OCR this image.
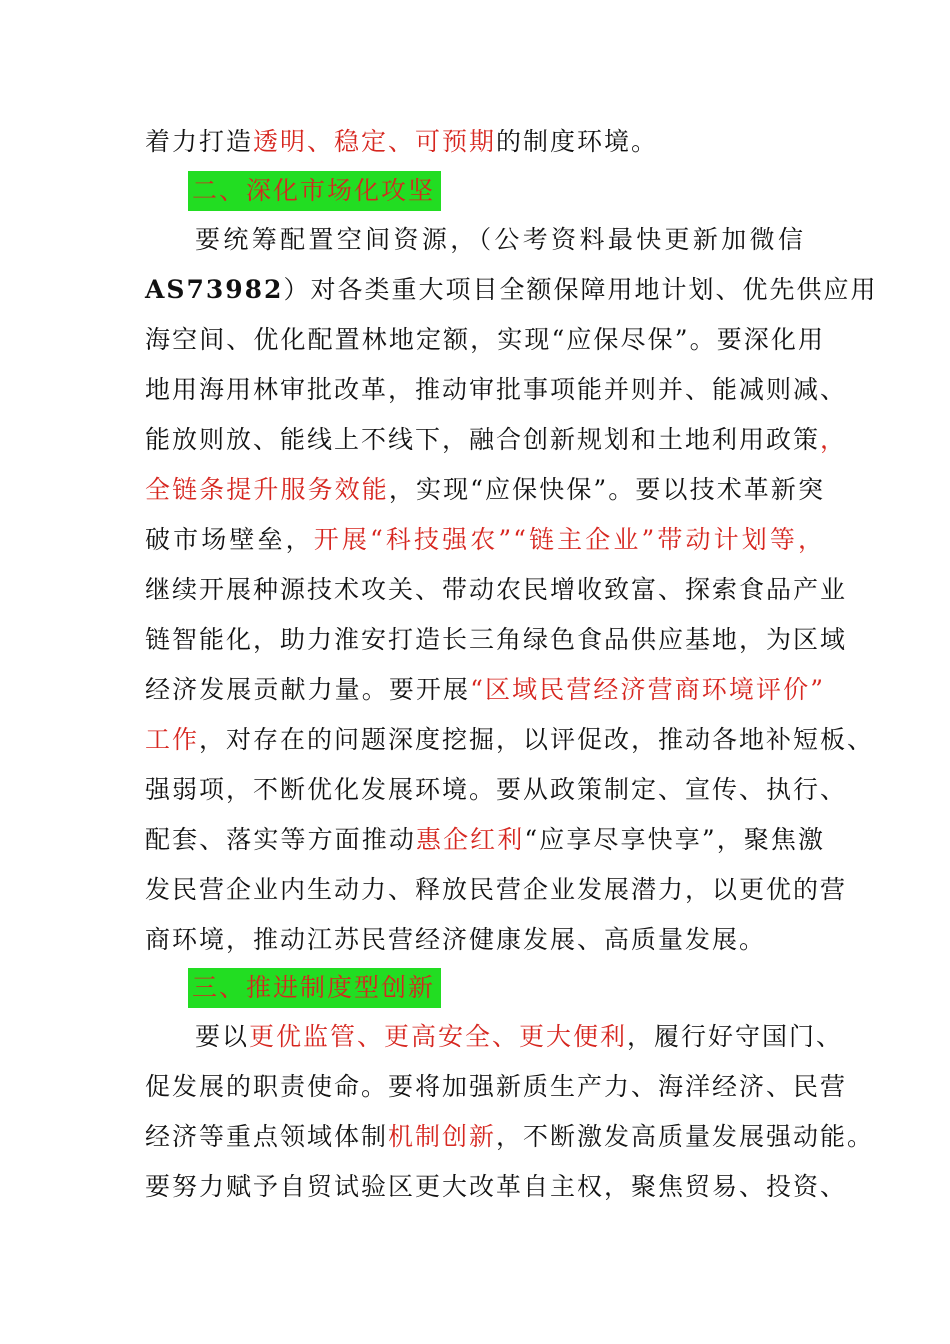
着力打造透明、稳定、可预期的制度环境。
二、深化市场化攻坚
要统筹配置空间资源，（公考资料最快更新加微信
AS73982）对各类重大项目全额保障用地计划、优先供应用
海空间、优化配置林地定额，实现“应保尽保”。要深化用
地用海用林审批改革，推动审批事项能并则并、能减则减、
能放则放、能线上不线下，融合创新规划和土地利用政策，
全链条提升服务效能，实现“应保快保”。要以技术革新突
破市场壁垒，开展“科技强农”“链主企业”带动计划等，
继续开展种源技术攻关、带动农民增收致富、探索食品产业
链智能化，助力淮安打造长三角绿色食品供应基地，为区域
经济发展贡献力量。要开展“区域民营经济营商环境评价”
工作，对存在的问题深度挖掘，以评促改，推动各地补短板、
强弱项，不断优化发展环境。要从政策制定、宣传、执行、
配套、落实等方面推动惠企红利“应享尽享快享”，聚焦激
发民营企业内生动力、释放民营企业发展潜力，以更优的营
商环境，推动江苏民营经济健康发展、高质量发展。
三、推进制度型创新
要以更优监管、更高安全、更大便利，履行好守国门、
促发展的职责使命。要将加强新质生产力、海洋经济、民营
经济等重点领域体制机制创新，不断激发高质量发展强动能。
要努力赋予自贸试验区更大改革自主权，聚焦贸易、投资、
